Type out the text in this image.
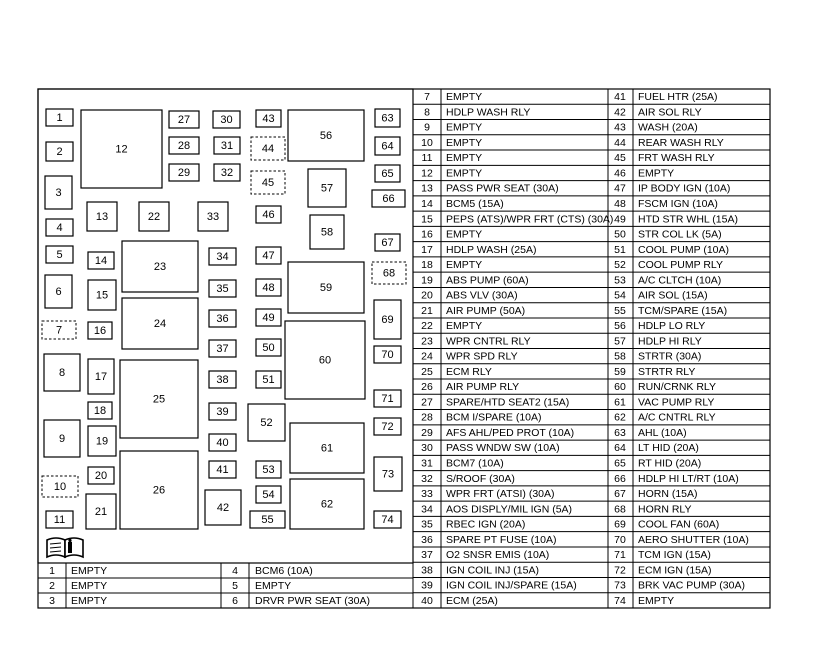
1
2
3
4
5
6
7
8
9
10
11
12
13
14
15
16
17
18
19
20
21
22
23
24
25
26
27
28
29
30
31
32
33
34
35
36
37
38
39
40
41
42
43
44
45
46
47
48
49
50
51
52
53
54
55
56
57
58
59
60
61
62
63
64
65
66
67
68
69
70
71
72
73
74
7 EMPTY
8 HDLP WASH RLY
9 EMPTY
10 EMPTY
11 EMPTY
12 EMPTY
13 PASS PWR SEAT (30A)
14 BCM5 (15A)
15 PEPS (ATS)/WPR FRT (CTS) (30A)
16 EMPTY
17 HDLP WASH (25A)
18 EMPTY
19 ABS PUMP (60A)
20 ABS VLV (30A)
21 AIR PUMP (50A)
22 EMPTY
23 WPR CNTRL RLY
24 WPR SPD RLY
25 ECM RLY
26 AIR PUMP RLY
27 SPARE/HTD SEAT2 (15A)
28 BCM I/SPARE (10A)
29 AFS AHL/PED PROT (10A)
30 PASS WNDW SW (10A)
31 BCM7 (10A)
32 S/ROOF (30A)
33 WPR FRT (ATSI) (30A)
34 AOS DISPLY/MIL IGN (5A)
35 RBEC IGN (20A)
36 SPARE PT FUSE (10A)
37 O2 SNSR EMIS (10A)
38 IGN COIL INJ (15A)
39 IGN COIL INJ/SPARE (15A)
40 ECM (25A)
41 FUEL HTR (25A)
42 AIR SOL RLY
43 WASH (20A)
44 REAR WASH RLY
45 FRT WASH RLY
46 EMPTY
47 IP BODY IGN (10A)
48 FSCM IGN (10A)
49 HTD STR WHL (15A)
50 STR COL LK (5A)
51 COOL PUMP (10A)
52 COOL PUMP RLY
53 A/C CLTCH (10A)
54 AIR SOL (15A)
55 TCM/SPARE (15A)
56 HDLP LO RLY
57 HDLP HI RLY
58 STRTR (30A)
59 STRTR RLY
60 RUN/CRNK RLY
61 VAC PUMP RLY
62 A/C CNTRL RLY
63 AHL (10A)
64 LT HID (20A)
65 RT HID (20A)
66 HDLP HI LT/RT (10A)
67 HORN (15A)
68 HORN RLY
69 COOL FAN (60A)
70 AERO SHUTTER (10A)
71 TCM IGN (15A)
72 ECM IGN (15A)
73 BRK VAC PUMP (30A)
74 EMPTY
1 EMPTY
2 EMPTY
3 EMPTY
4 BCM6 (10A)
5 EMPTY
6 DRVR PWR SEAT (30A)
